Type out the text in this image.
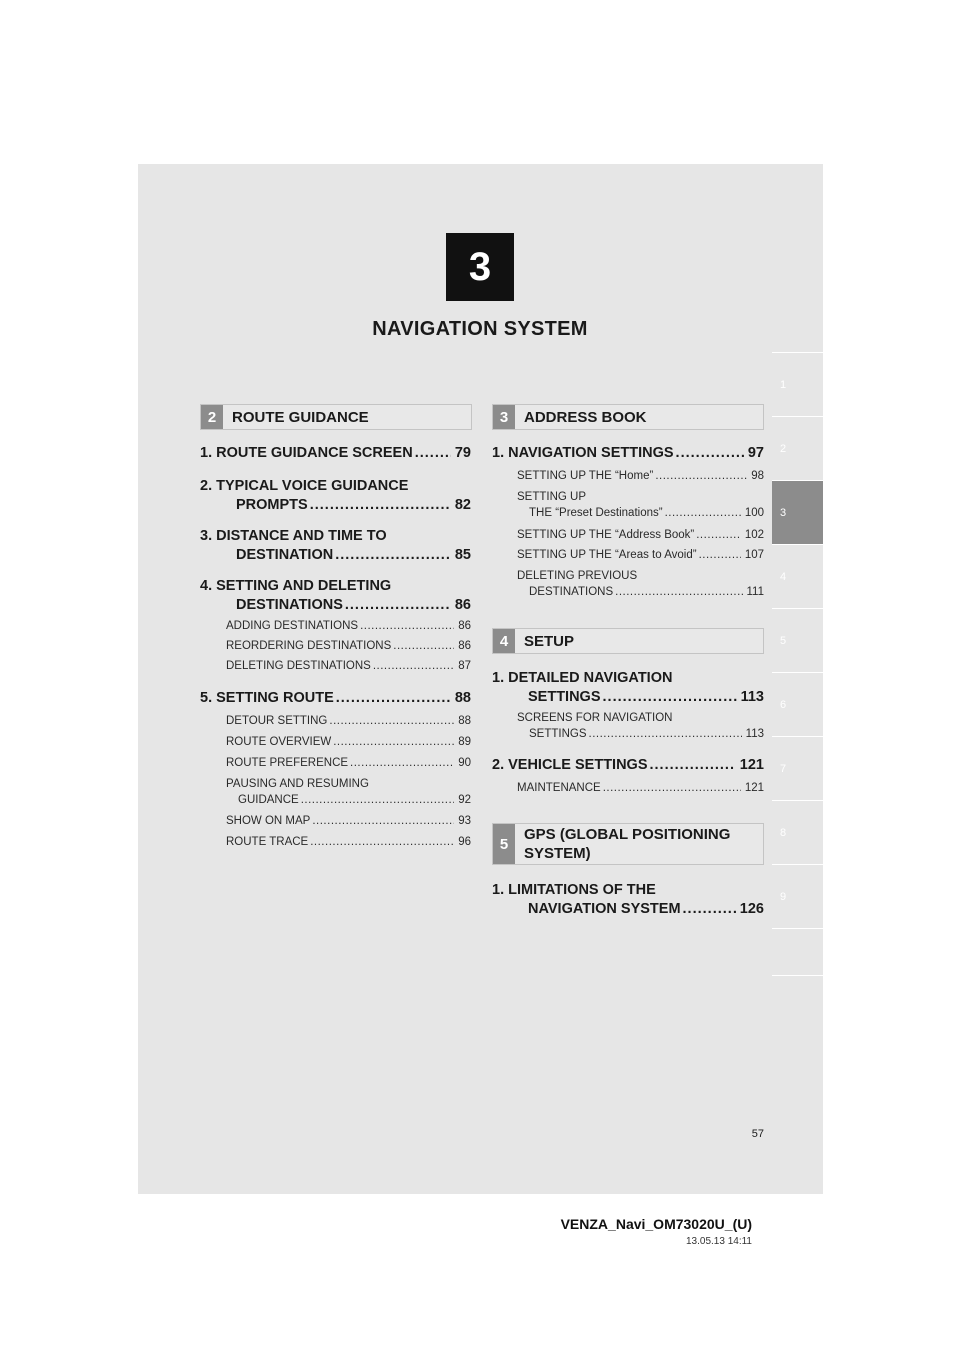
3
NAVIGATION SYSTEM
1
2
3
4
5
6
7
8
9
2	ROUTE GUIDANCE
1. ROUTE GUIDANCE SCREEN .....	79
2. TYPICAL VOICE GUIDANCE
PROMPTS .....	82
3. DISTANCE AND TIME TO
DESTINATION .....	85
4. SETTING AND DELETING
DESTINATIONS .....	86
ADDING DESTINATIONS .....	86
REORDERING DESTINATIONS .....	86
DELETING DESTINATIONS .....	87
5. SETTING ROUTE .....	88
DETOUR SETTING .....	88
ROUTE OVERVIEW .....	89
ROUTE PREFERENCE .....	90
PAUSING AND RESUMING
GUIDANCE .....	92
SHOW ON MAP .....	93
ROUTE TRACE .....	96
3	ADDRESS BOOK
1. NAVIGATION SETTINGS .....	97
SETTING UP THE “Home” .....	98
SETTING UP
THE “Preset Destinations” .....	100
SETTING UP THE “Address Book” .....	102
SETTING UP THE “Areas to Avoid” .....	107
DELETING PREVIOUS
DESTINATIONS .....	111
4	SETUP
1. DETAILED NAVIGATION
SETTINGS .....	113
SCREENS FOR NAVIGATION
SETTINGS .....	113
2. VEHICLE SETTINGS .....	121
MAINTENANCE .....	121
5
GPS (GLOBAL POSITIONING
SYSTEM)
1. LIMITATIONS OF THE
NAVIGATION SYSTEM .....	126
57
VENZA_Navi_OM73020U_(U)
13.05.13 14:11
